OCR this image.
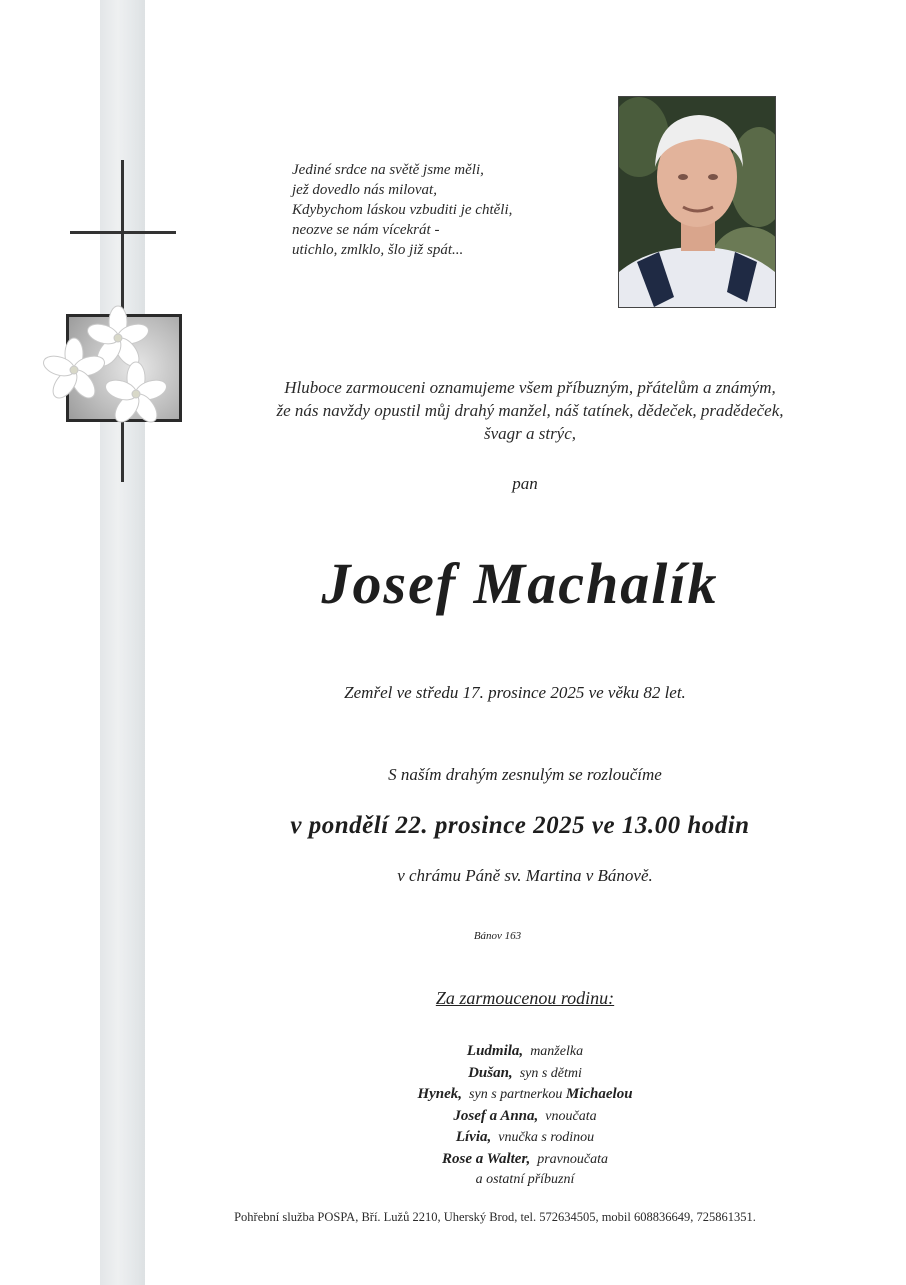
Jediné srdce na světě jsme měli,
jež dovedlo nás milovat,
Kdybychom láskou vzbuditi je chtěli,
neozve se nám vícekrát -
utichlo, zmlklo, šlo již spát...
Hluboce zarmouceni oznamujeme všem příbuzným, přátelům a známým,
že nás navždy opustil můj drahý manžel, náš tatínek, dědeček, pradědeček,
švagr a strýc,
pan
Josef Machalík
Zemřel ve středu 17. prosince 2025 ve věku 82 let.
S naším drahým zesnulým se rozloučíme
v pondělí 22. prosince 2025 ve 13.00 hodin
v chrámu Páně sv. Martina v Bánově.
Bánov 163
Za zarmoucenou rodinu:
Ludmila, manželka
Dušan, syn s dětmi
Hynek, syn s partnerkou Michaelou
Josef a Anna, vnoučata
Lívia, vnučka s rodinou
Rose a Walter, pravnoučata
a ostatní příbuzní
Pohřební služba POSPA, Bří. Lužů 2210, Uherský Brod, tel. 572634505, mobil 608836649, 725861351.
